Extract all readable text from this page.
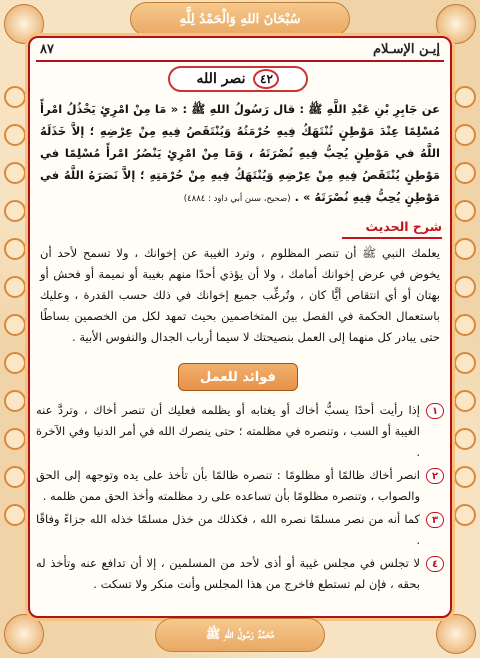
سُبْحَانَ اللهِ وَالْحَمْدُ لِلَّهِ
٨٧	إيـن الإسـلام
٤٢
نصر الله
عن جَابِرِ بْنِ عَبْدِ اللَّهِ ﷺ : قال رَسُولُ اللهِ ﷺ : « مَا مِنْ امْرِئٍ يَخْذُلُ امْرأً مُسْلِمًا عِنْدَ مَوْطِنٍ تُنْتَهَكُ فِيهِ حُرْمَتُهُ وَيُنْتَقَصُ فِيهِ مِنْ عِرْضِهِ ؛ إلاَّ خَذَلَهُ اللَّهُ في مَوْطِنٍ يُحِبُّ فِيهِ نُصْرَتَهُ ، وَمَا مِنْ امْرِئٍ يَنْصُرُ امْرأً مُسْلِمًا في مَوْطِنٍ يُنْتَقَصُ فِيهِ مِنْ عِرْضِهِ وَيُنْتَهَكُ فِيهِ مِنْ حُرْمَتِهِ ؛ إلاَّ نَصَرَهُ اللَّهُ في مَوْطِنٍ يُحِبُّ فِيهِ نُصْرَتَهُ » . (صحيح، سنن أبي داود : ٤٨٨٤)
شرح الحديث
يعلمك النبي ﷺ أن تنصر المظلوم ، وترد الغيبة عن إخوانك ، ولا تسمح لأحد أن يخوض في عرض إخوانك أمامك ، ولا أن يؤذي أحدًا منهم بغيبة أو نميمة أو فحش أو بهتان أو أي انتقاص أيًّا كان ، وتُرغِّب جميع إخوانك في ذلك حسب القدرة ، وعليك باستعمال الحكمة في الفصل بين المتخاصمين بحيث تمهد لكل من الخصمين بساطًا حتى يبادر كل منهما إلى العمل بنصيحتك لا سيما أرباب الجدال والنفوس الأبية .
فوائد للعمل
١
إذا رأيت أحدًا يسبُّ أخاك أو يغتابه أو يظلمه فعليك أن تنصر أخاك ، وتردَّ عنه الغيبة أو السب ، وتنصره في مظلمته ؛ حتى ينصرك الله في أمر الدنيا وفي الآخرة .
٢
انصر أخاك ظالمًا أو مظلومًا : تنصره ظالمًا بأن تأخذ على يده وتوجهه إلى الحق والصواب ، وتنصره مظلومًا بأن تساعده على رد مظلمته وأخذ الحق ممن ظلمه .
٣
كما أنه من نصر مسلمًا نصره الله ، فكذلك من خذل مسلمًا خذله الله جزاءً وفاقًا .
٤
لا تجلس في مجلس غيبة أو أذى لأحد من المسلمين ، إلا أن تدافع عنه وتأخذ له بحقه ، فإن لم تستطع فاخرج من هذا المجلس وأنت منكر ولا تسكت .
مُحَمَّدٌ رَسُولُ اللهِ ﷺ
